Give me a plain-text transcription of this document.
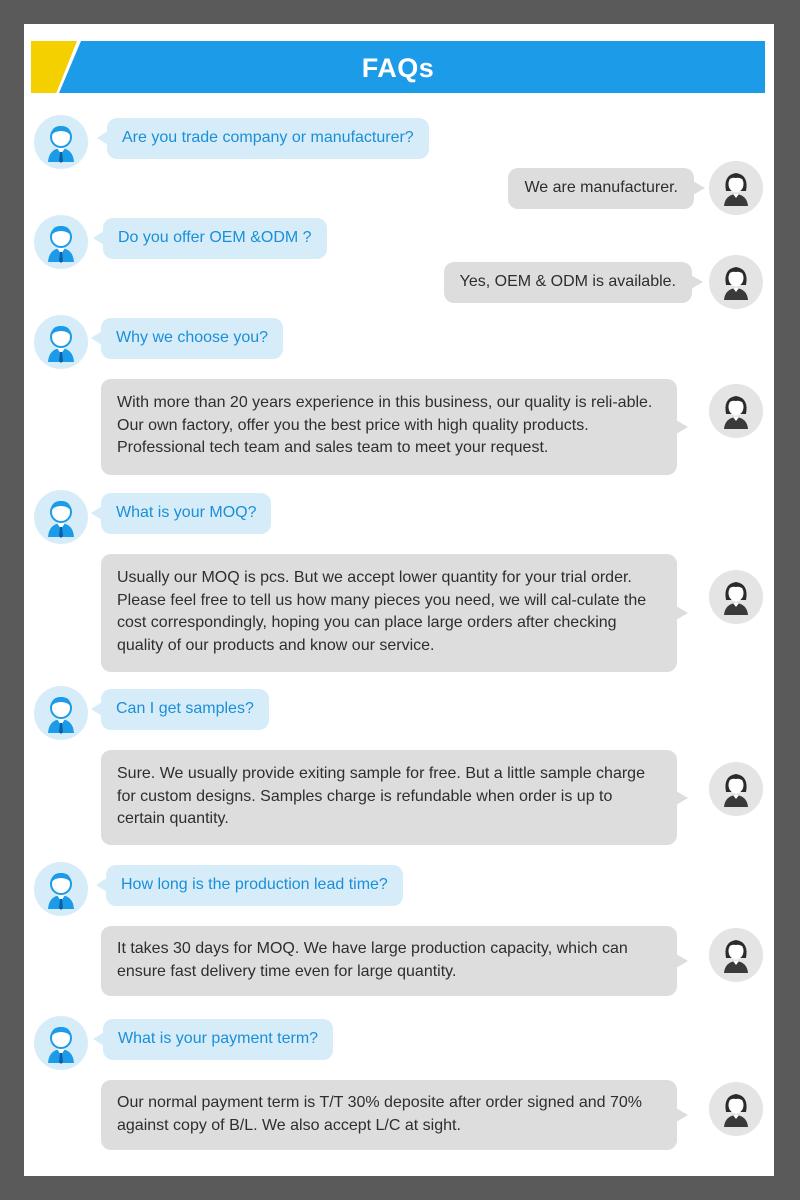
FAQs
Are you trade company or manufacturer?
We are manufacturer.
Do you offer OEM &ODM ?
Yes, OEM & ODM is available.
Why we choose you?
With more than 20 years experience in this business, our quality is reli-able. Our own factory, offer you the best price with high quality products. Professional tech team and sales team to meet your request.
What is your MOQ?
Usually our MOQ is pcs. But we accept lower quantity for your trial order. Please feel free to tell us how many pieces you need, we will cal-culate the cost correspondingly, hoping you can place large orders after checking quality of our products and know our service.
Can I get samples?
Sure. We usually provide exiting sample for free. But a little sample charge for custom designs. Samples charge is refundable when order is up to certain quantity.
How long is the production lead time?
It takes 30 days for MOQ. We have large production capacity, which can ensure fast delivery time even for large quantity.
What is your payment term?
Our normal payment term is T/T 30% deposite after order signed and 70% against copy of B/L. We also accept L/C at sight.
